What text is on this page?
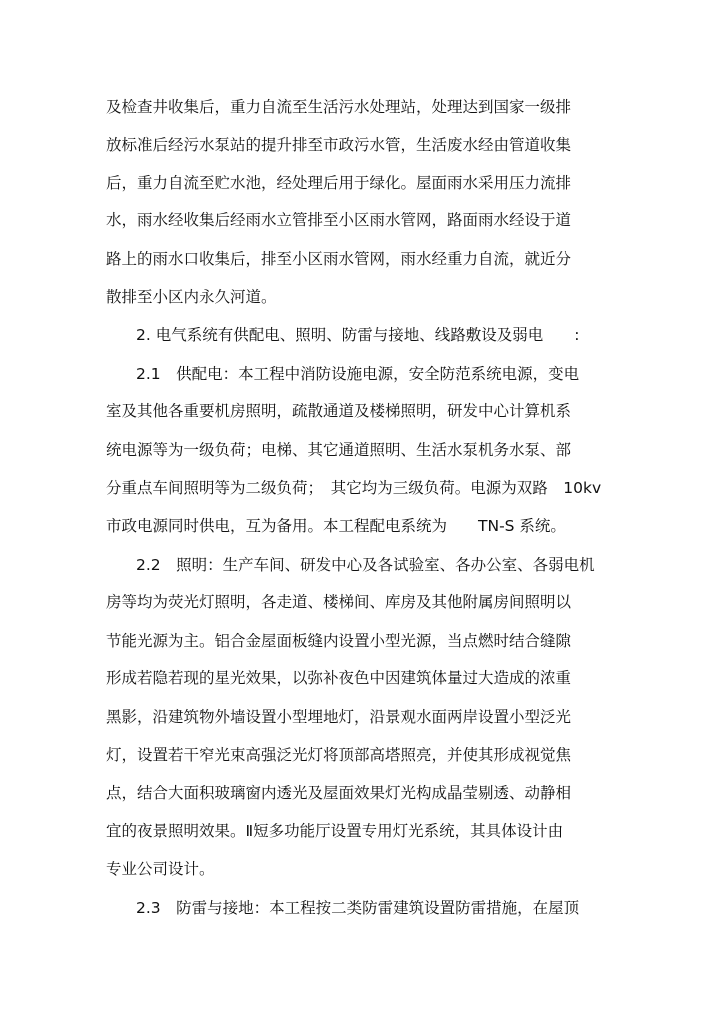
及检查井收集后，重力自流至生活污水处理站，处理达到国家一级排
放标准后经污水泵站的提升排至市政污水管，生活废水经由管道收集
后，重力自流至贮水池，经处理后用于绿化。屋面雨水采用压力流排
水，雨水经收集后经雨水立管排至小区雨水管网，路面雨水经设于道
路上的雨水口收集后，排至小区雨水管网，雨水经重力自流，就近分
散排至小区内永久河道。
2. 电气系统有供配电、照明、防雷与接地、线路敷设及弱电　　:
2.1　供配电：本工程中消防设施电源，安全防范系统电源，变电
室及其他各重要机房照明，疏散通道及楼梯照明，研发中心计算机系
统电源等为一级负荷；电梯、其它通道照明、生活水泵机务水泵、部
分重点车间照明等为二级负荷；　其它均为三级负荷。电源为双路　10kv
市政电源同时供电，互为备用。本工程配电系统为　　TN-S 系统。
2.2　照明：生产车间、研发中心及各试验室、各办公室、各弱电机
房等均为荧光灯照明，各走道、楼梯间、库房及其他附属房间照明以
节能光源为主。铝合金屋面板缝内设置小型光源，当点燃时结合缝隙
形成若隐若现的星光效果，以弥补夜色中因建筑体量过大造成的浓重
黑影，沿建筑物外墙设置小型埋地灯，沿景观水面两岸设置小型泛光
灯，设置若干窄光束高强泛光灯将顶部高塔照亮，并使其形成视觉焦
点，结合大面积玻璃窗内透光及屋面效果灯光构成晶莹剔透、动静相
宜的夜景照明效果。Ⅱ短多功能厅设置专用灯光系统，其具体设计由
专业公司设计。
2.3　防雷与接地：本工程按二类防雷建筑设置防雷措施，在屋顶
